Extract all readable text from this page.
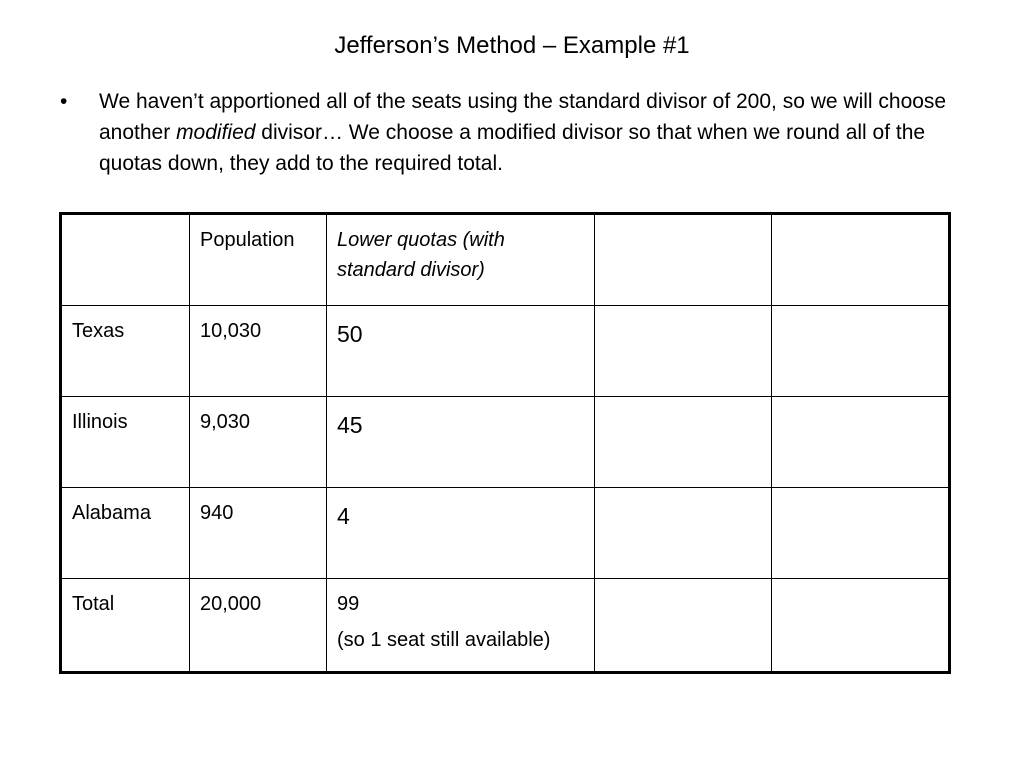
Jefferson’s Method – Example #1
•	We haven’t apportioned all of the seats using the standard divisor of 200, so we will choose another modified divisor… We choose a modified divisor so that when we round all of the quotas down, they add to the required total.
	Population	Lower quotas (with standard divisor)		
Texas	10,030	50		

Illinois	9,030	45		

Alabama	940	4		

Total	20,000	99
(so 1 seat still available)		
